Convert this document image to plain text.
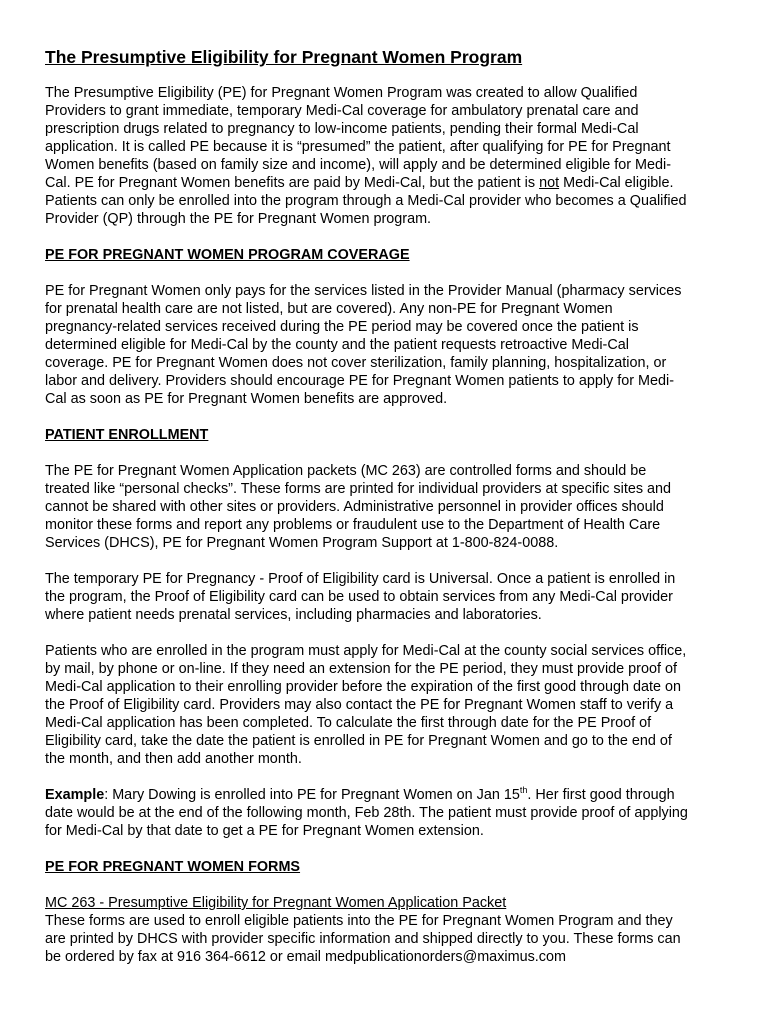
The Presumptive Eligibility for Pregnant Women Program

The Presumptive Eligibility (PE) for Pregnant Women Program was created to allow Qualified
Providers to grant immediate, temporary Medi-Cal coverage for ambulatory prenatal care and
prescription drugs related to pregnancy to low-income patients, pending their formal Medi-Cal
application. It is called PE because it is “presumed” the patient, after qualifying for PE for Pregnant
Women benefits (based on family size and income), will apply and be determined eligible for Medi-
Cal. PE for Pregnant Women benefits are paid by Medi-Cal, but the patient is not Medi-Cal eligible.
Patients can only be enrolled into the program through a Medi-Cal provider who becomes a Qualified
Provider (QP) through the PE for Pregnant Women program.

PE FOR PREGNANT WOMEN PROGRAM COVERAGE

PE for Pregnant Women only pays for the services listed in the Provider Manual (pharmacy services
for prenatal health care are not listed, but are covered). Any non-PE for Pregnant Women
pregnancy-related services received during the PE period may be covered once the patient is
determined eligible for Medi-Cal by the county and the patient requests retroactive Medi-Cal
coverage. PE for Pregnant Women does not cover sterilization, family planning, hospitalization, or
labor and delivery. Providers should encourage PE for Pregnant Women patients to apply for Medi-
Cal as soon as PE for Pregnant Women benefits are approved.

PATIENT ENROLLMENT

The PE for Pregnant Women Application packets (MC 263) are controlled forms and should be
treated like “personal checks”. These forms are printed for individual providers at specific sites and
cannot be shared with other sites or providers. Administrative personnel in provider offices should
monitor these forms and report any problems or fraudulent use to the Department of Health Care
Services (DHCS), PE for Pregnant Women Program Support at 1-800-824-0088.

The temporary PE for Pregnancy - Proof of Eligibility card is Universal. Once a patient is enrolled in
the program, the Proof of Eligibility card can be used to obtain services from any Medi-Cal provider
where patient needs prenatal services, including pharmacies and laboratories.

Patients who are enrolled in the program must apply for Medi-Cal at the county social services office,
by mail, by phone or on-line. If they need an extension for the PE period, they must provide proof of
Medi-Cal application to their enrolling provider before the expiration of the first good through date on
the Proof of Eligibility card. Providers may also contact the PE for Pregnant Women staff to verify a
Medi-Cal application has been completed. To calculate the first through date for the PE Proof of
Eligibility card, take the date the patient is enrolled in PE for Pregnant Women and go to the end of
the month, and then add another month.

Example: Mary Dowing is enrolled into PE for Pregnant Women on Jan 15th. Her first good through
date would be at the end of the following month, Feb 28th. The patient must provide proof of applying
for Medi-Cal by that date to get a PE for Pregnant Women extension.

PE FOR PREGNANT WOMEN FORMS

MC 263 - Presumptive Eligibility for Pregnant Women Application Packet
These forms are used to enroll eligible patients into the PE for Pregnant Women Program and they
are printed by DHCS with provider specific information and shipped directly to you. These forms can
be ordered by fax at 916 364-6612 or email medpublicationorders@maximus.com
